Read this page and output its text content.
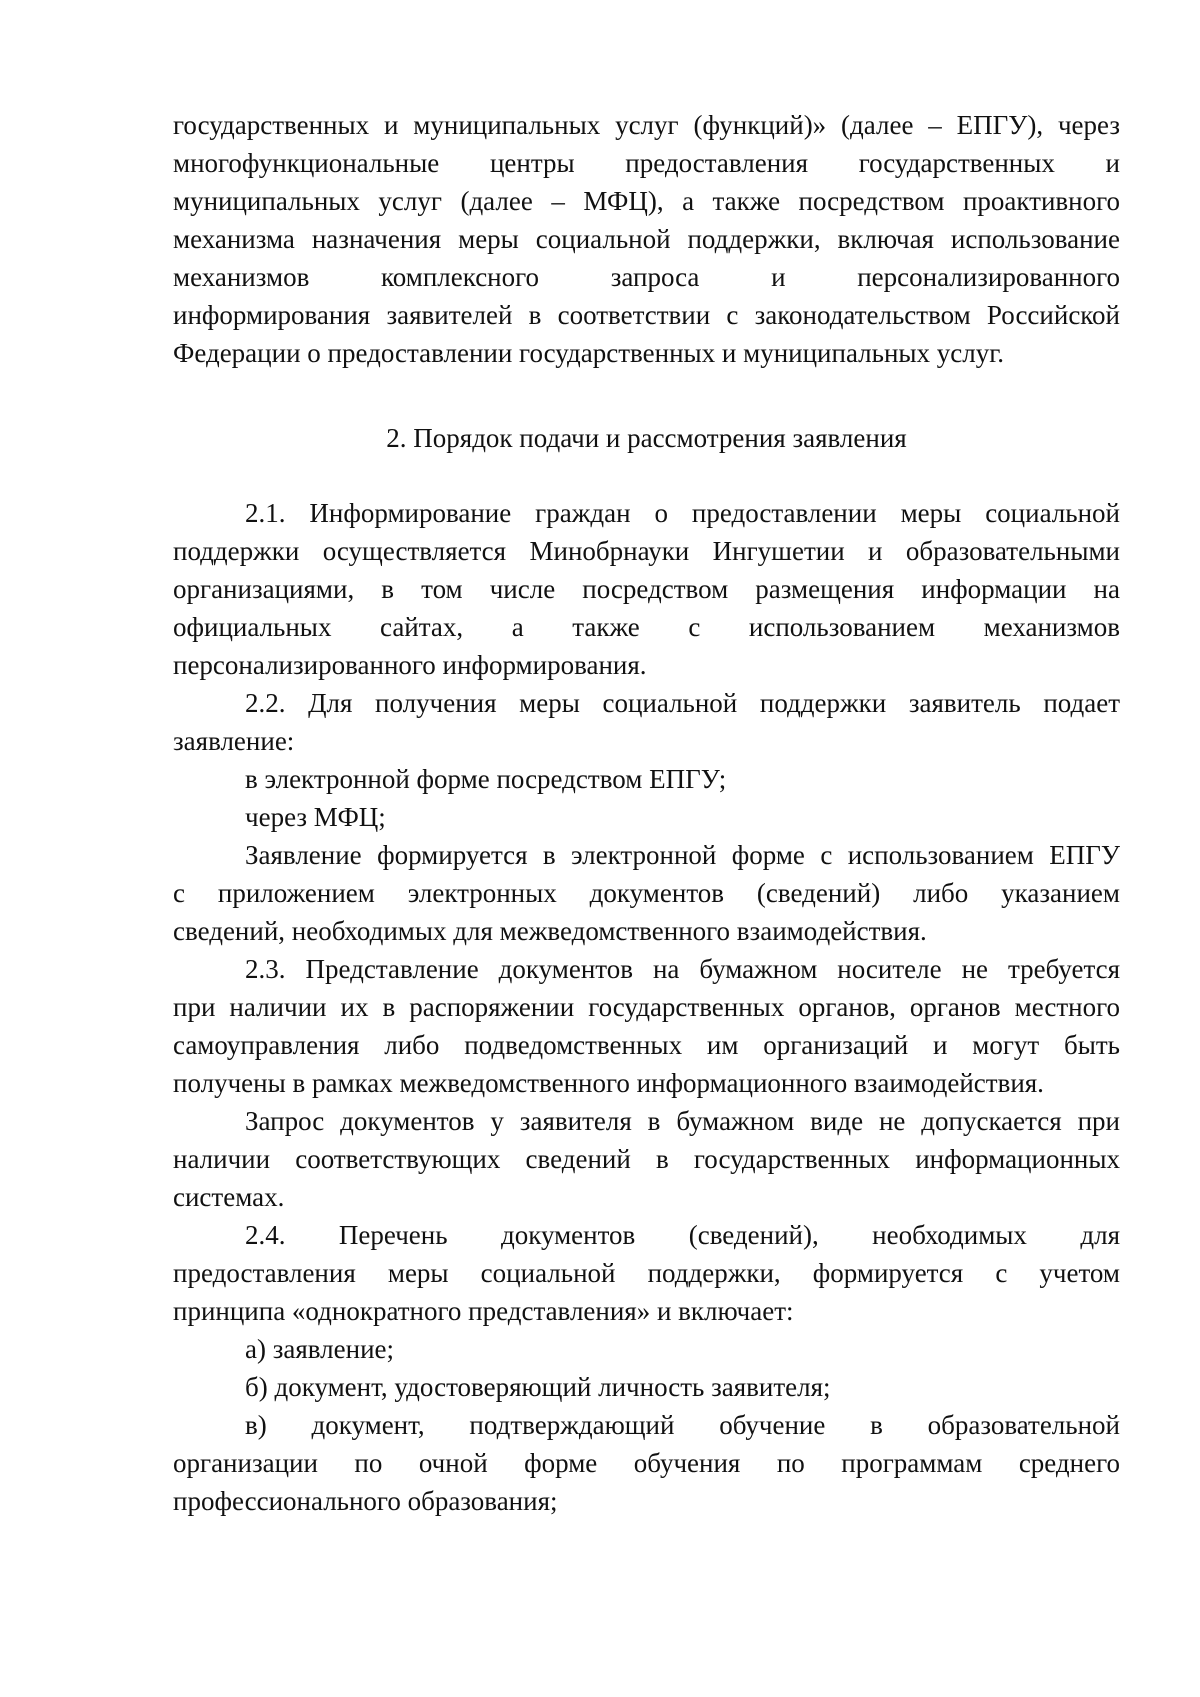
государственных и муниципальных услуг (функций)» (далее – ЕПГУ), через
многофункциональные центры предоставления государственных и
муниципальных услуг (далее – МФЦ), а также посредством проактивного
механизма назначения меры социальной поддержки, включая использование
механизмов комплексного запроса и персонализированного
информирования заявителей в соответствии с законодательством Российской
Федерации о предоставлении государственных и муниципальных услуг.
2. Порядок подачи и рассмотрения заявления
2.1. Информирование граждан о предоставлении меры социальной
поддержки осуществляется Минобрнауки Ингушетии и образовательными
организациями, в том числе посредством размещения информации на
официальных сайтах, а также с использованием механизмов
персонализированного информирования.
2.2. Для получения меры социальной поддержки заявитель подает
заявление:
в электронной форме посредством ЕПГУ;
через МФЦ;
Заявление формируется в электронной форме с использованием ЕПГУ
с приложением электронных документов (сведений) либо указанием
сведений, необходимых для межведомственного взаимодействия.
2.3. Представление документов на бумажном носителе не требуется
при наличии их в распоряжении государственных органов, органов местного
самоуправления либо подведомственных им организаций и могут быть
получены в рамках межведомственного информационного взаимодействия.
Запрос документов у заявителя в бумажном виде не допускается при
наличии соответствующих сведений в государственных информационных
системах.
2.4. Перечень документов (сведений), необходимых для
предоставления меры социальной поддержки, формируется с учетом
принципа «однократного представления» и включает:
а) заявление;
б) документ, удостоверяющий личность заявителя;
в) документ, подтверждающий обучение в образовательной
организации по очной форме обучения по программам среднего
профессионального образования;
